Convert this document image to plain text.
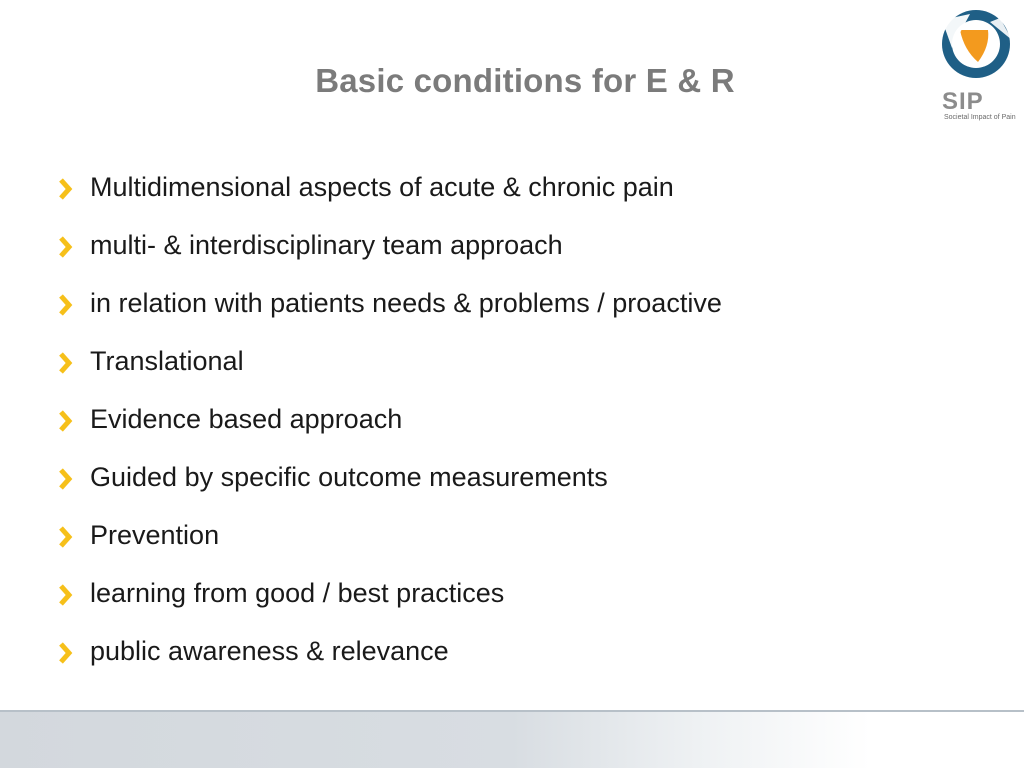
Basic conditions for E & R
SIP
Societal Impact of Pain
Multidimensional aspects of acute & chronic pain
multi- & interdisciplinary team approach
in relation with patients needs & problems / proactive
Translational
Evidence based approach
Guided by specific outcome measurements
Prevention
learning from good / best practices
public awareness & relevance
